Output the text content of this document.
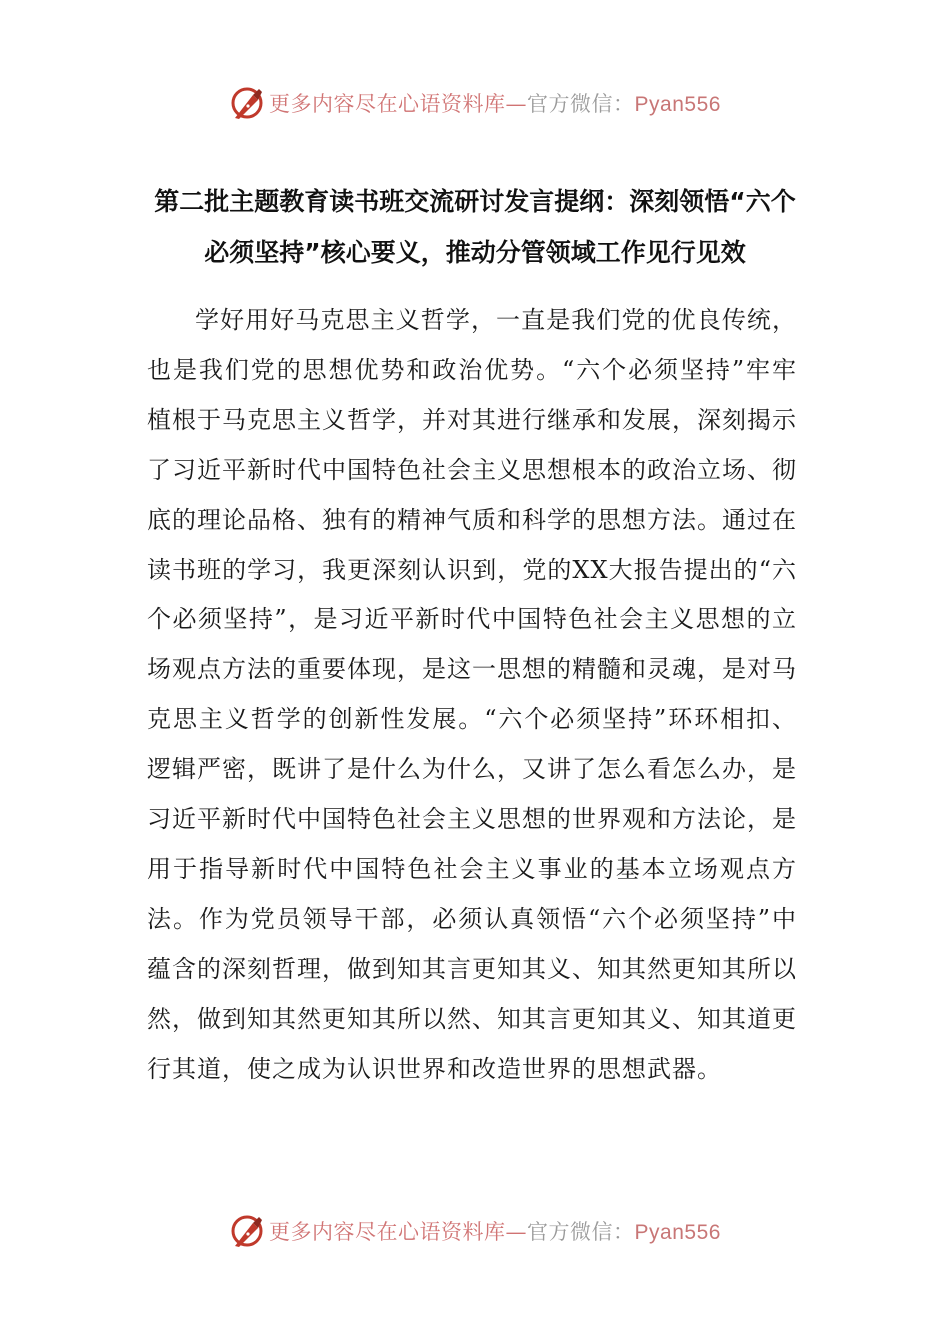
更多内容尽在心语资料库—官方微信：Pyan556
第二批主题教育读书班交流研讨发言提纲：深刻领悟“六个必须坚持”核心要义，推动分管领域工作见行见效

学好用好马克思主义哲学，一直是我们党的优良传统，也是我们党的思想优势和政治优势。“六个必须坚持”牢牢植根于马克思主义哲学，并对其进行继承和发展，深刻揭示了习近平新时代中国特色社会主义思想根本的政治立场、彻底的理论品格、独有的精神气质和科学的思想方法。通过在读书班的学习，我更深刻认识到，党的XX大报告提出的“六个必须坚持”，是习近平新时代中国特色社会主义思想的立场观点方法的重要体现，是这一思想的精髓和灵魂，是对马克思主义哲学的创新性发展。“六个必须坚持”环环相扣、逻辑严密，既讲了是什么为什么，又讲了怎么看怎么办，是习近平新时代中国特色社会主义思想的世界观和方法论，是用于指导新时代中国特色社会主义事业的基本立场观点方法。作为党员领导干部，必须认真领悟“六个必须坚持”中蕴含的深刻哲理，做到知其言更知其义、知其然更知其所以然，做到知其然更知其所以然、知其言更知其义、知其道更行其道，使之成为认识世界和改造世界的思想武器。

更多内容尽在心语资料库—官方微信：Pyan556
